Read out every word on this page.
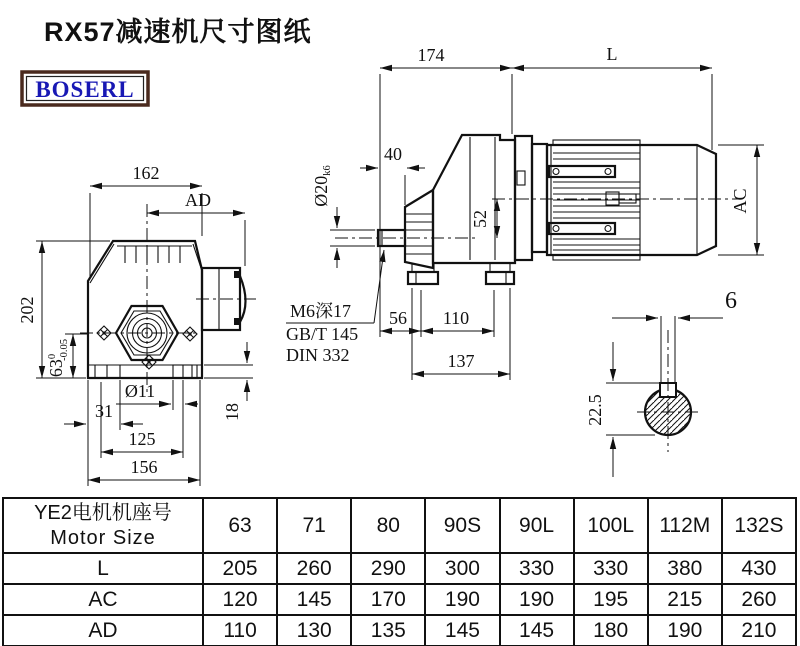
RX57减速机尺寸图纸
BOSERL
162
AD
202
$63^0-0.05$
Ø11
31
125
156
18
52
174	L
40
Ø20k6
56 110
137
M6深17
GB/T 145
DIN 332
AC
6
22.5
YE2电机机座号
Motor Size	63	71	80	90S	90L	100L	112M	132S
L	205	260	290	300	330	330	380	430
AC	120	145	170	190	190	195	215	260
AD	110	130	135	145	145	180	190	210
